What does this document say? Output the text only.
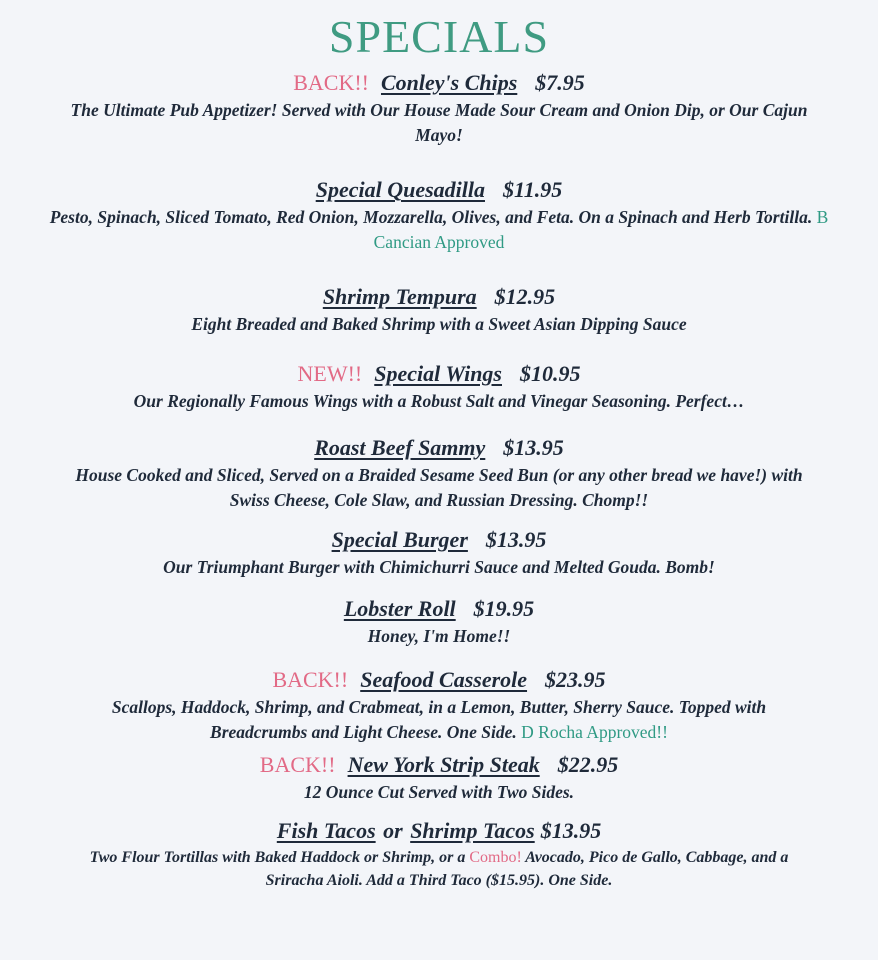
SPECIALS
BACK!! Conley's Chips $7.95
The Ultimate Pub Appetizer! Served with Our House Made Sour Cream and Onion Dip, or Our Cajun Mayo!
Special Quesadilla $11.95
Pesto, Spinach, Sliced Tomato, Red Onion, Mozzarella, Olives, and Feta. On a Spinach and Herb Tortilla. B Cancian Approved
Shrimp Tempura $12.95
Eight Breaded and Baked Shrimp with a Sweet Asian Dipping Sauce
NEW!! Special Wings $10.95
Our Regionally Famous Wings with a Robust Salt and Vinegar Seasoning. Perfect…
Roast Beef Sammy $13.95
House Cooked and Sliced, Served on a Braided Sesame Seed Bun (or any other bread we have!) with Swiss Cheese, Cole Slaw, and Russian Dressing. Chomp!!
Special Burger $13.95
Our Triumphant Burger with Chimichurri Sauce and Melted Gouda. Bomb!
Lobster Roll $19.95
Honey, I'm Home!!
BACK!! Seafood Casserole $23.95
Scallops, Haddock, Shrimp, and Crabmeat, in a Lemon, Butter, Sherry Sauce. Topped with Breadcrumbs and Light Cheese. One Side. D Rocha Approved!!
BACK!! New York Strip Steak $22.95
12 Ounce Cut Served with Two Sides.
Fish Tacos or Shrimp Tacos $13.95
Two Flour Tortillas with Baked Haddock or Shrimp, or a Combo! Avocado, Pico de Gallo, Cabbage, and a Sriracha Aioli. Add a Third Taco ($15.95). One Side.
